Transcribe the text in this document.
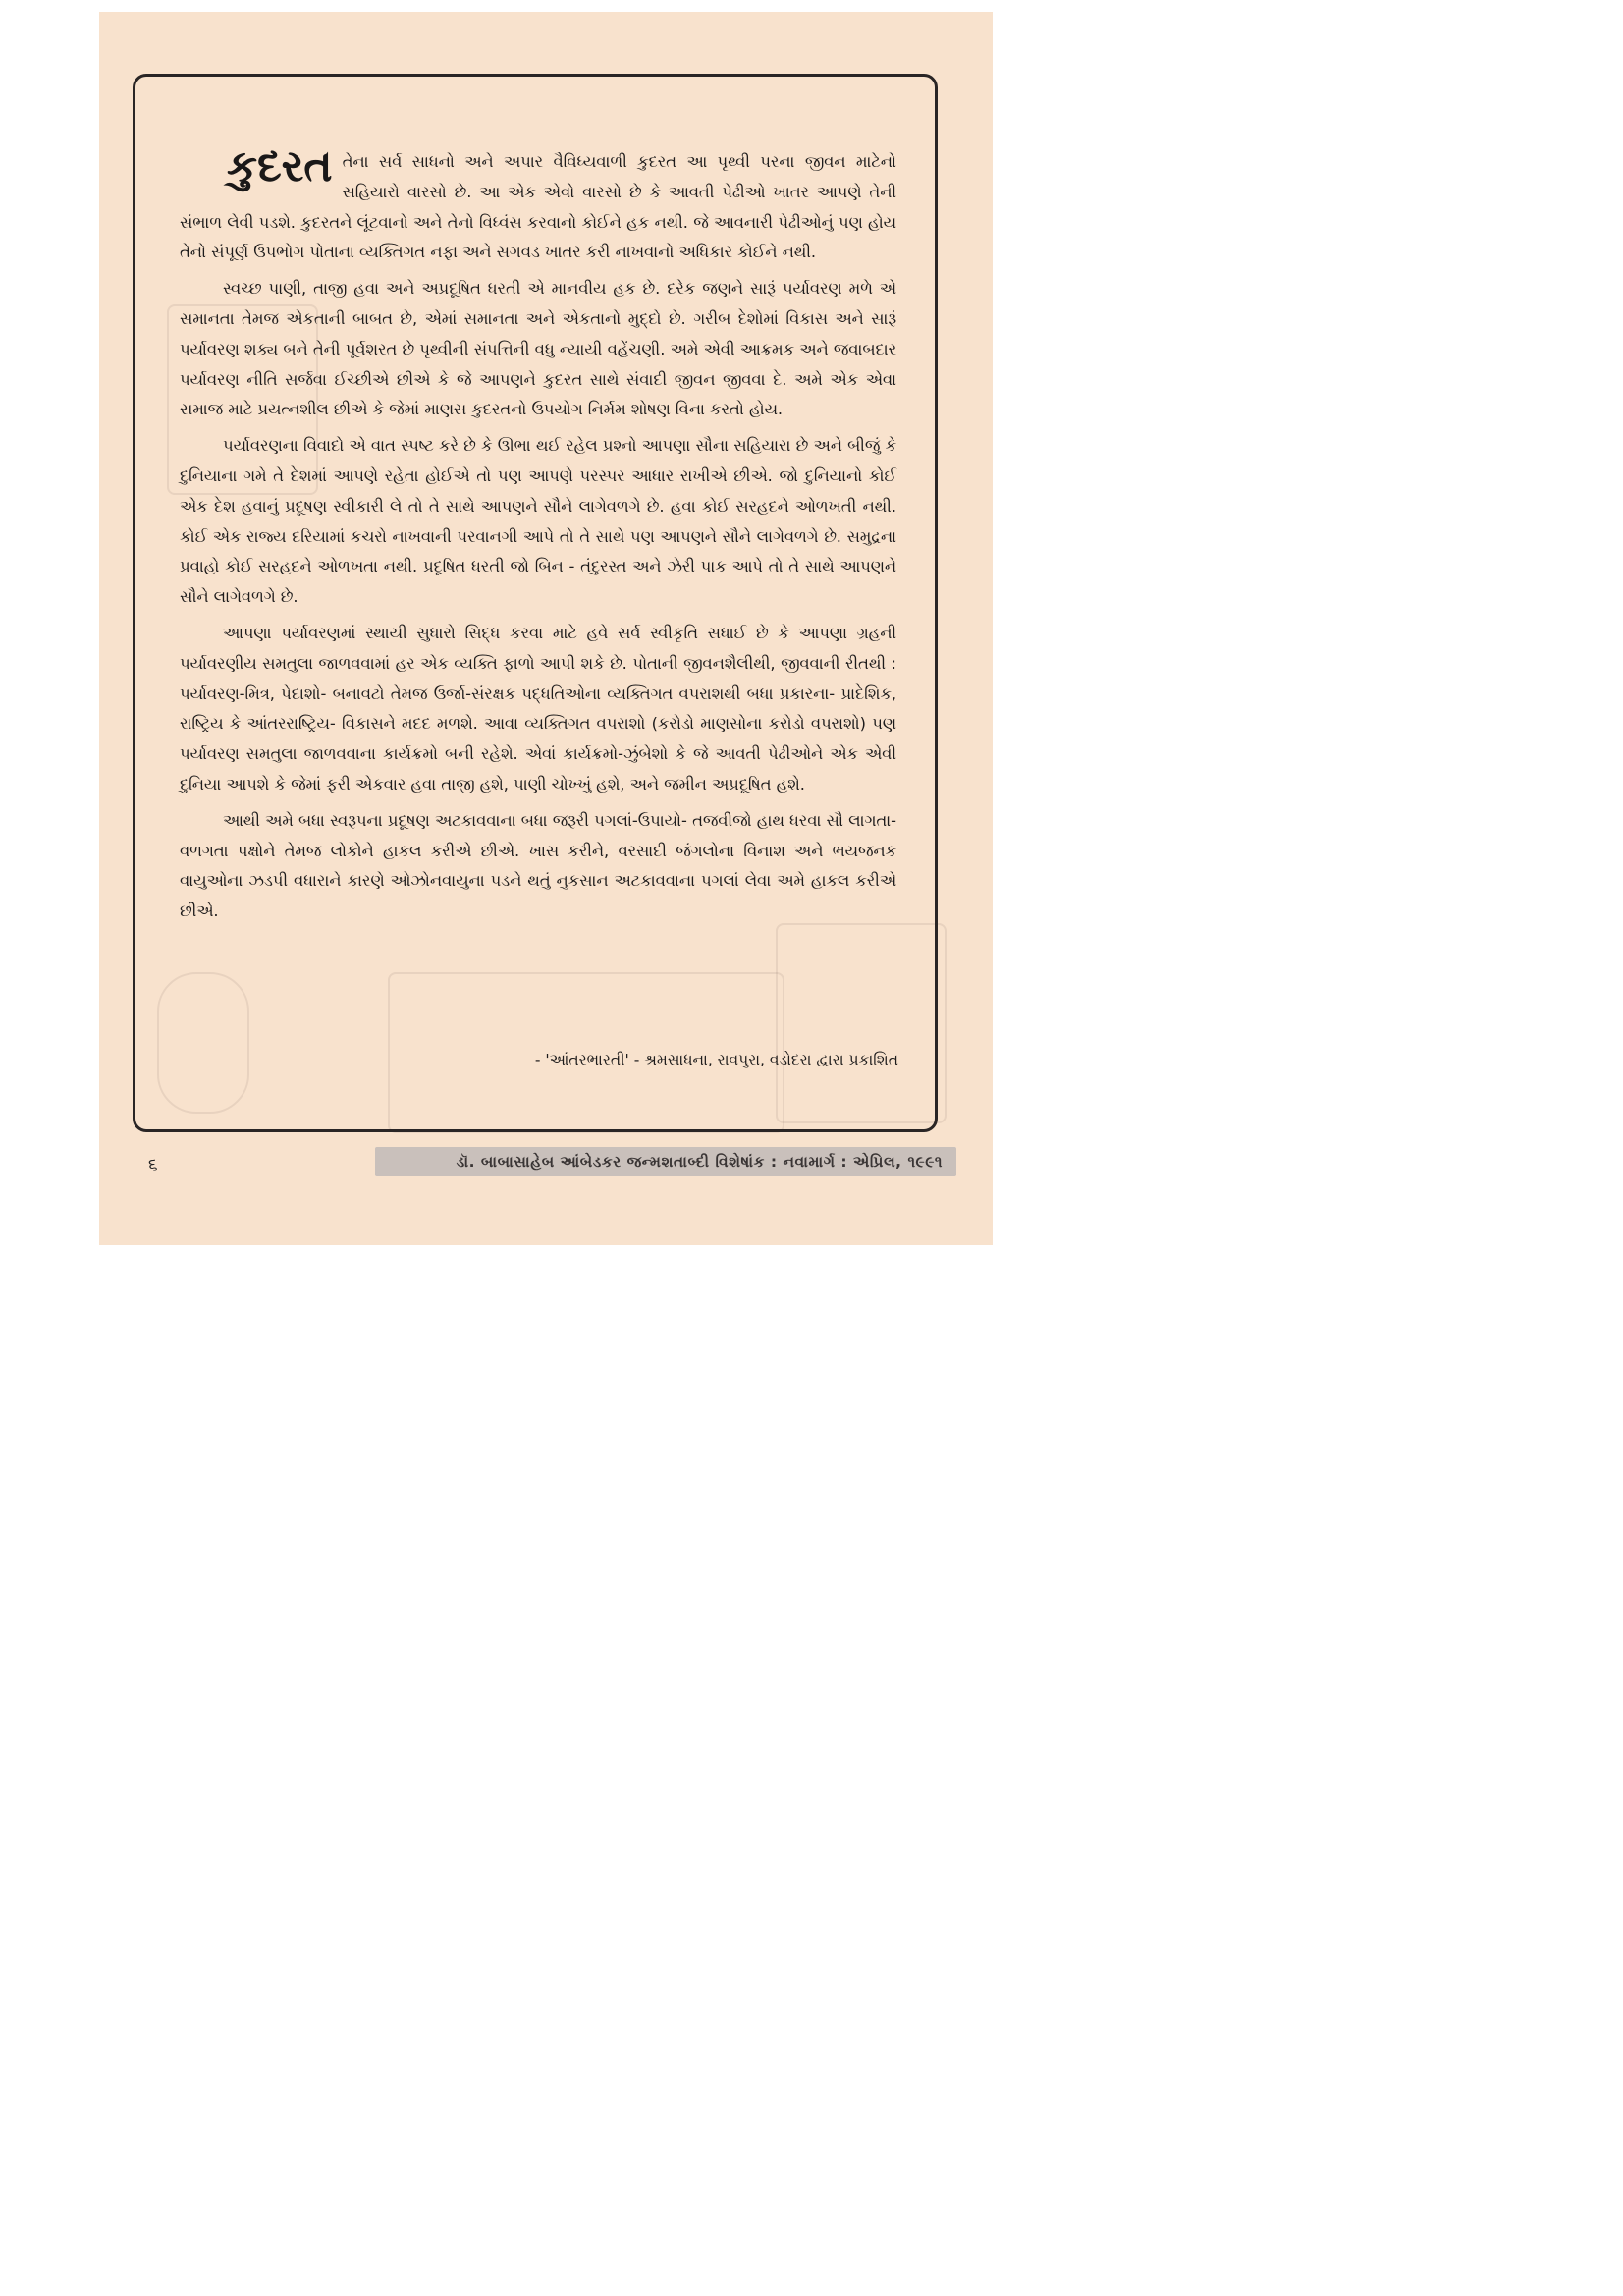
કુદરત તેના સર્વ સાધનો અને અપાર વૈવિધ્યવાળી કુદરત આ પૃથ્વી પરના જીવન માટેનો સહિયારો વારસો છે. આ એક એવો વારસો છે કે આવતી પેઢીઓ ખાતર આપણે તેની સંભાળ લેવી પડશે. કુદરતને લૂંટવાનો અને તેનો વિધ્વંસ કરવાનો કોઈને હક નથી. જે આવનારી પેઢીઓનું પણ હોય તેનો સંપૂર્ણ ઉપભોગ પોતાના વ્યક્તિગત નફા અને સગવડ ખાતર કરી નાખવાનો અધિકાર કોઈને નથી.

સ્વચ્છ પાણી, તાજી હવા અને અપ્રદૂષિત ધરતી એ માનવીય હક છે. દરેક જણને સારૂં પર્યાવરણ મળે એ સમાનતા તેમજ એકતાની બાબત છે, એમાં સમાનતા અને એકતાનો મુદ્દો છે. ગરીબ દેશોમાં વિકાસ અને સારૂં પર્યાવરણ શક્ય બને તેની પૂર્વશરત છે પૃથ્વીની સંપત્તિની વધુ ન્યાયી વહેંચણી. અમે એવી આક્રમક અને જવાબદાર પર્યાવરણ નીતિ સર્જવા ઈચ્છીએ છીએ કે જે આપણને કુદરત સાથે સંવાદી જીવન જીવવા દે. અમે એક એવા સમાજ માટે પ્રયત્નશીલ છીએ કે જેમાં માણસ કુદરતનો ઉપયોગ નિર્મમ શોષણ વિના કરતો હોય.

પર્યાવરણના વિવાદો એ વાત સ્પષ્ટ કરે છે કે ઊભા થઈ રહેલ પ્રશ્નો આપણા સૌના સહિયારા છે અને બીજું કે દુનિયાના ગમે તે દેશમાં આપણે રહેતા હોઈએ તો પણ આપણે પરસ્પર આધાર રાખીએ છીએ. જો દુનિયાનો કોઈ એક દેશ હવાનું પ્રદૂષણ સ્વીકારી લે તો તે સાથે આપણને સૌને લાગેવળગે છે. હવા કોઈ સરહદને ઓળખતી નથી. કોઈ એક રાજ્ય દરિયામાં કચરો નાખવાની પરવાનગી આપે તો તે સાથે પણ આપણને સૌને લાગેવળગે છે. સમુદ્રના પ્રવાહો કોઈ સરહદને ઓળખતા નથી. પ્રદૂષિત ધરતી જો બિન - તંદુરસ્ત અને ઝેરી પાક આપે તો તે સાથે આપણને સૌને લાગેવળગે છે.

આપણા પર્યાવરણમાં સ્થાયી સુધારો સિદ્ધ કરવા માટે હવે સર્વ સ્વીકૃતિ સધાઈ છે કે આપણા ગ્રહની પર્યાવરણીય સમતુલા જાળવવામાં હર એક વ્યક્તિ ફાળો આપી શકે છે. પોતાની જીવનશૈલીથી, જીવવાની રીતથી : પર્યાવરણ-મિત્ર, પેદાશો- બનાવટો તેમજ ઉર્જા-સંરક્ષક પદ્ધતિઓના વ્યક્તિગત વપરાશથી બધા પ્રકારના- પ્રાદેશિક, રાષ્ટ્રિય કે આંતરરાષ્ટ્રિય- વિકાસને મદદ મળશે. આવા વ્યક્તિગત વપરાશો (કરોડો માણસોના કરોડો વપરાશો) પણ પર્યાવરણ સમતુલા જાળવવાના કાર્યક્રમો બની રહેશે. એવાં કાર્યક્રમો-ઝુંબેશો કે જે આવતી પેઢીઓને એક એવી દુનિયા આપશે કે જેમાં ફરી એકવાર હવા તાજી હશે, પાણી ચોખ્ખું હશે, અને જમીન અપ્રદૂષિત હશે.

આથી અમે બધા સ્વરૂપના પ્રદૂષણ અટકાવવાના બધા જરૂરી પગલાં-ઉપાયો- તજવીજો હાથ ધરવા સૌ લાગતા- વળગતા પક્ષોને તેમજ લોકોને હાકલ કરીએ છીએ. ખાસ કરીને, વરસાદી જંગલોના વિનાશ અને ભયજનક વાયુઓના ઝડપી વધારાને કારણે ઓઝોનવાયુના પડને થતું નુકસાન અટકાવવાના પગલાં લેવા અમે હાકલ કરીએ છીએ.

- 'આંતરભારતી' - શ્રમસાધના, રાવપુરા, વડોદરા દ્વારા પ્રકાશિત
૬	ડૉ. બાબાસાહેબ આંબેડકર જન્મશતાબ્દી વિશેષાંક : નવામાર્ગ : એપ્રિલ, ૧૯૯૧
